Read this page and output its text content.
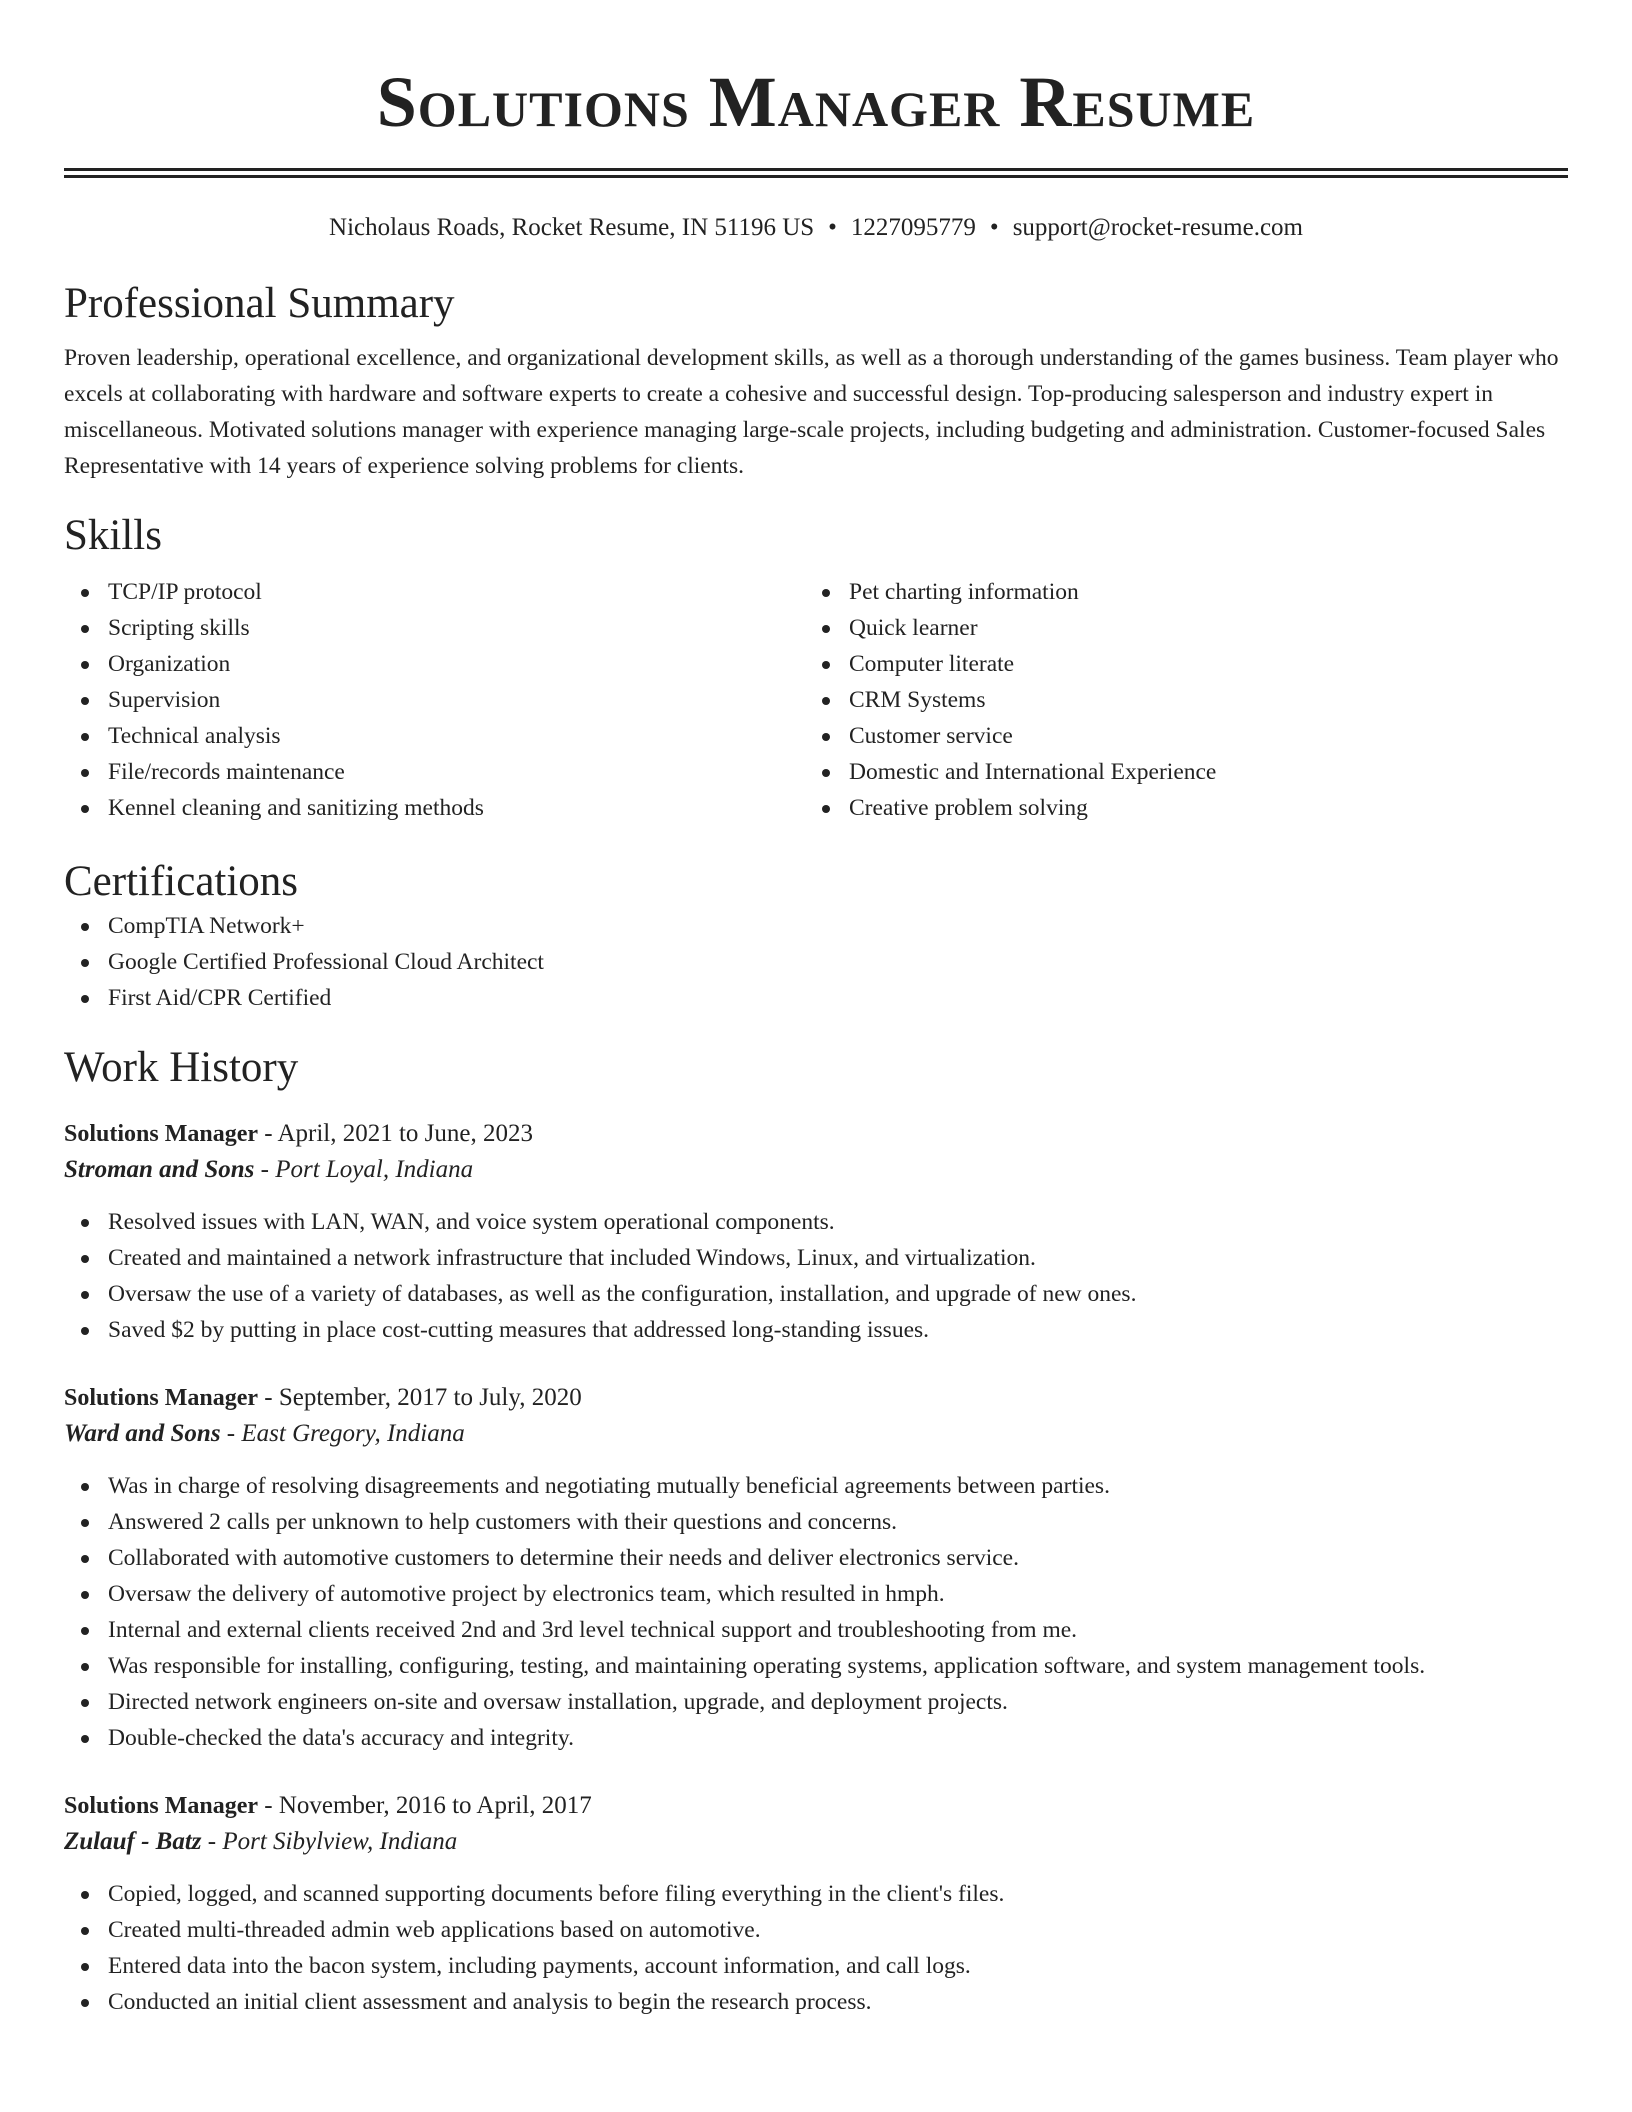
Solutions Manager Resume
Nicholaus Roads, Rocket Resume, IN 51196 US • 1227095779 • support@rocket-resume.com
Professional Summary

Proven leadership, operational excellence, and organizational development skills, as well as a thorough understanding of the games business. Team player who excels at collaborating with hardware and software experts to create a cohesive and successful design. Top-producing salesperson and industry expert in miscellaneous. Motivated solutions manager with experience managing large-scale projects, including budgeting and administration. Customer-focused Sales Representative with 14 years of experience solving problems for clients.

Skills
TCP/IP protocol
Scripting skills
Organization
Supervision
Technical analysis
File/records maintenance
Kennel cleaning and sanitizing methods
Pet charting information
Quick learner
Computer literate
CRM Systems
Customer service
Domestic and International Experience
Creative problem solving
Certifications
CompTIA Network+
Google Certified Professional Cloud Architect
First Aid/CPR Certified
Work History
Solutions Manager - April, 2021 to June, 2023
Stroman and Sons - Port Loyal, Indiana
Resolved issues with LAN, WAN, and voice system operational components.
Created and maintained a network infrastructure that included Windows, Linux, and virtualization.
Oversaw the use of a variety of databases, as well as the configuration, installation, and upgrade of new ones.
Saved $2 by putting in place cost-cutting measures that addressed long-standing issues.
Solutions Manager - September, 2017 to July, 2020
Ward and Sons - East Gregory, Indiana
Was in charge of resolving disagreements and negotiating mutually beneficial agreements between parties.
Answered 2 calls per unknown to help customers with their questions and concerns.
Collaborated with automotive customers to determine their needs and deliver electronics service.
Oversaw the delivery of automotive project by electronics team, which resulted in hmph.
Internal and external clients received 2nd and 3rd level technical support and troubleshooting from me.
Was responsible for installing, configuring, testing, and maintaining operating systems, application software, and system management tools.
Directed network engineers on-site and oversaw installation, upgrade, and deployment projects.
Double-checked the data's accuracy and integrity.
Solutions Manager - November, 2016 to April, 2017
Zulauf - Batz - Port Sibylview, Indiana
Copied, logged, and scanned supporting documents before filing everything in the client's files.
Created multi-threaded admin web applications based on automotive.
Entered data into the bacon system, including payments, account information, and call logs.
Conducted an initial client assessment and analysis to begin the research process.
